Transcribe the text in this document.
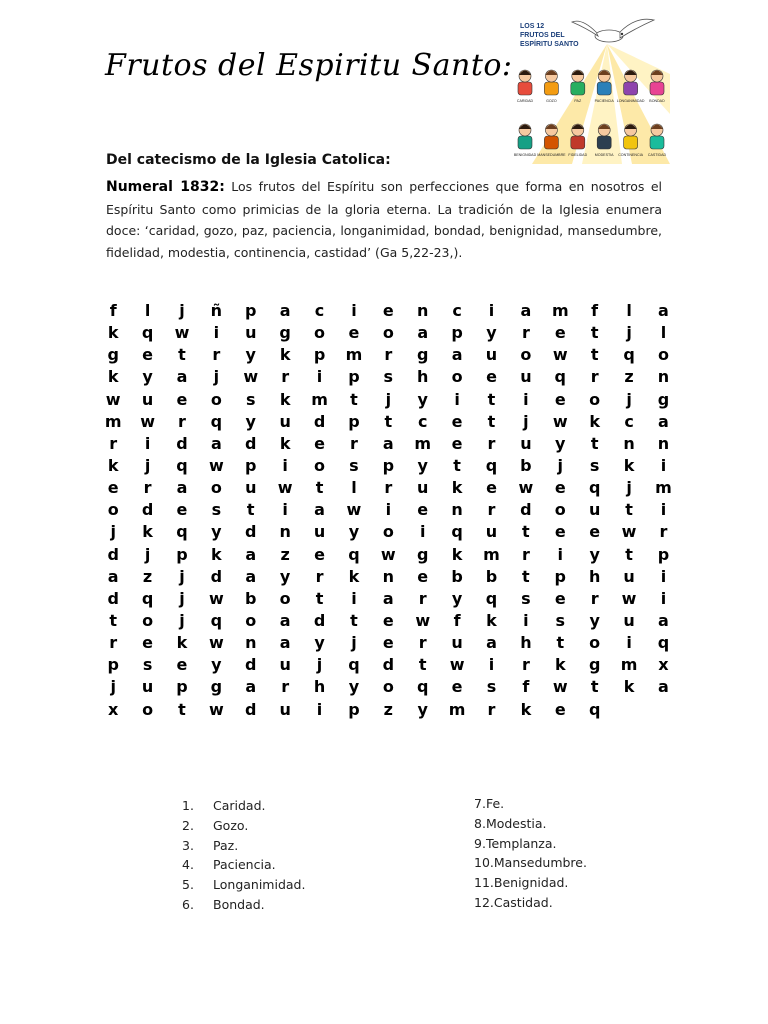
Frutos del Espiritu Santo:
LOS 12
FRUTOS DEL
ESPÍRITU SANTO
CARIDAD	GOZO	PAZ	PACIENCIA LONGANIMIDAD BONDAD
BENIGNIDAD MANSEDUMBRE FIDELIDAD MODESTIA CONTINENCIA CASTIDAD
Del catecismo de la Iglesia Catolica:
Numeral 1832: Los frutos del Espíritu son perfecciones que forma en nosotros el Espíritu Santo como primicias de la gloria eterna. La tradición de la Iglesia enumera doce: ‘caridad, gozo, paz, paciencia, longanimidad, bondad, benignidad, mansedumbre, fidelidad, modestia, continencia, castidad’ (Ga 5,22-23,).
f	l	j	ñ	p	a	c	i	e	n	c	i	a	m	f	l	a
k	q	w	i	u	g	o	e	o	a	p	y	r	e	t	j	l
g	e	t	r	y	k	p	m	r	g	a	u	o	w	t	q	o
k	y	a	j	w	r	i	p	s	h	o	e	u	q	r	z	n
w	u	e	o	s	k	m	t	j	y	i	t	i	e	o	j	g
m	w	r	q	y	u	d	p	t	c	e	t	j	w	k	c	a
r	i	d	a	d	k	e	r	a	m	e	r	u	y	t	n	n
k	j	q	w	p	i	o	s	p	y	t	q	b	j	s	k	i
e	r	a	o	u	w	t	l	r	u	k	e	w	e	q	j	m
o	d	e	s	t	i	a	w	i	e	n	r	d	o	u	t	i
j	k	q	y	d	n	u	y	o	i	q	u	t	e	e	w	r
d	j	p	k	a	z	e	q	w	g	k	m	r	i	y	t	p
a	z	j	d	a	y	r	k	n	e	b	b	t	p	h	u	i
d	q	j	w	b	o	t	i	a	r	y	q	s	e	r	w	i
t	o	j	q	o	a	d	t	e	w	f	k	i	s	y	u	a
r	e	k	w	n	a	y	j	e	r	u	a	h	t	o	i	q
p	s	e	y	d	u	j	q	d	t	w	i	r	k	g	m	x
j	u	p	g	a	r	h	y	o	q	e	s	f	w	t	k	a
x	o	t	w	d	u	i	p	z	y	m	r	k	e	q
1.	Caridad.
2.	Gozo.
3.	Paz.
4.	Paciencia.
5.	Longanimidad.
6.	Bondad.
7. Fe.
8. Modestia.
9. Templanza.
10. Mansedumbre.
11. Benignidad.
12. Castidad.
